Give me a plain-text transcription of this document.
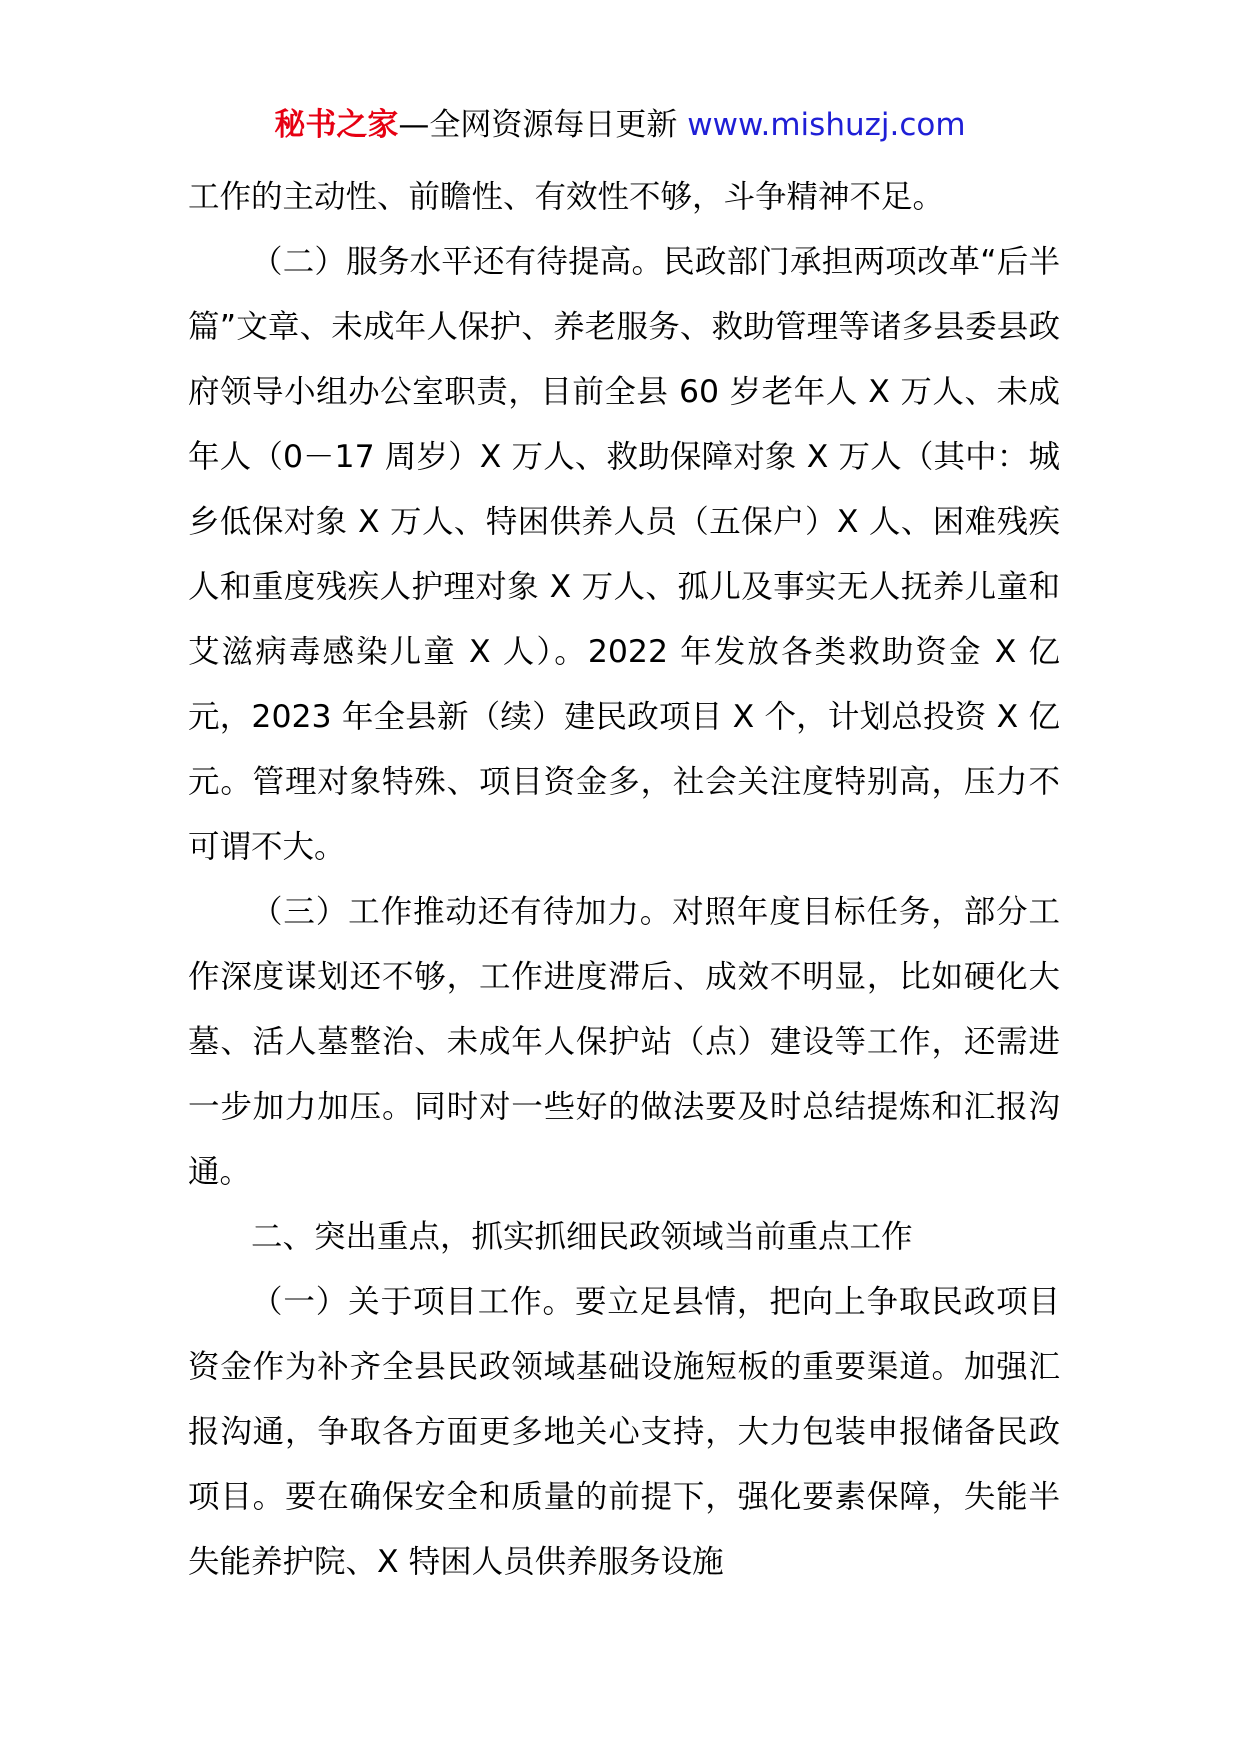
秘书之家—全网资源每日更新 www.mishuzj.com

工作的主动性、前瞻性、有效性不够，斗争精神不足。

（二）服务水平还有待提高。民政部门承担两项改革“后半篇”文章、未成年人保护、养老服务、救助管理等诸多县委县政府领导小组办公室职责，目前全县 60 岁老年人 X 万人、未成年人（0－17 周岁）X 万人、救助保障对象 X 万人（其中：城乡低保对象 X 万人、特困供养人员（五保户）X 人、困难残疾人和重度残疾人护理对象 X 万人、孤儿及事实无人抚养儿童和艾滋病毒感染儿童 X 人）。2022 年发放各类救助资金 X 亿元，2023 年全县新（续）建民政项目 X 个，计划总投资 X 亿元。管理对象特殊、项目资金多，社会关注度特别高，压力不可谓不大。

（三）工作推动还有待加力。对照年度目标任务，部分工作深度谋划还不够，工作进度滞后、成效不明显，比如硬化大墓、活人墓整治、未成年人保护站（点）建设等工作，还需进一步加力加压。同时对一些好的做法要及时总结提炼和汇报沟通。

二、突出重点，抓实抓细民政领域当前重点工作

（一）关于项目工作。要立足县情，把向上争取民政项目资金作为补齐全县民政领域基础设施短板的重要渠道。加强汇报沟通，争取各方面更多地关心支持，大力包装申报储备民政项目。要在确保安全和质量的前提下，强化要素保障，失能半失能养护院、X 特困人员供养服务设施
